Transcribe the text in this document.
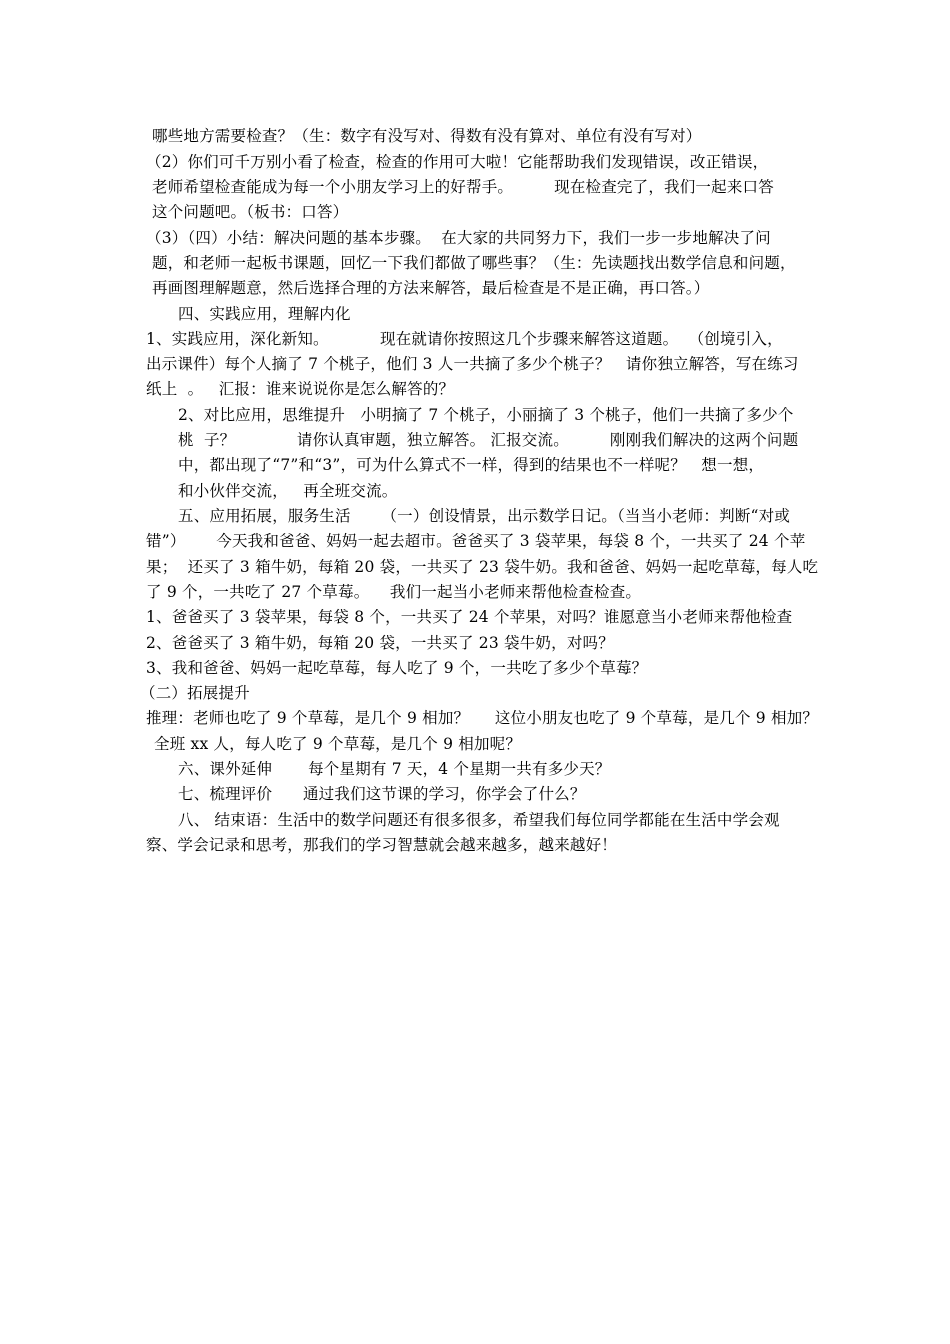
哪些地方需要检查？（生：数字有没写对、得数有没有算对、单位有没有写对）
（2）你们可千万别小看了检查，检查的作用可大啦！它能帮助我们发现错误，改正错误，
老师希望检查能成为每一个小朋友学习上的好帮手。        现在检查完了，我们一起来口答
这个问题吧。（板书：口答）
（3）（四）小结：解决问题的基本步骤。  在大家的共同努力下，我们一步一步地解决了问
题，和老师一起板书课题，回忆一下我们都做了哪些事？（生：先读题找出数学信息和问题，
再画图理解题意，然后选择合理的方法来解答，最后检查是不是正确，再口答。）
四、实践应用，理解内化
1、实践应用，深化新知。          现在就请你按照这几个步骤来解答这道题。  （创境引入，
出示课件）每个人摘了 7 个桃子，他们 3 人一共摘了多少个桃子？   请你独立解答，写在练习
纸上  。   汇报：谁来说说你是怎么解答的？
2、对比应用，思维提升   小明摘了 7 个桃子，小丽摘了 3 个桃子，他们一共摘了多少个
桃  子？            请你认真审题，独立解答。 汇报交流。        刚刚我们解决的这两个问题
中，都出现了“7”和“3”，可为什么算式不一样，得到的结果也不一样呢？   想一想，
和小伙伴交流，   再全班交流。
五、应用拓展，服务生活      （一）创设情景，出示数学日记。（当当小老师：判断“对或
错”）      今天我和爸爸、妈妈一起去超市。爸爸买了 3 袋苹果，每袋 8 个，一共买了 24 个苹
果；  还买了 3 箱牛奶，每箱 20 袋，一共买了 23 袋牛奶。我和爸爸、妈妈一起吃草莓，每人吃
了 9 个，一共吃了 27 个草莓。    我们一起当小老师来帮他检查检查。
1、爸爸买了 3 袋苹果，每袋 8 个，一共买了 24 个苹果，对吗？谁愿意当小老师来帮他检查
2、爸爸买了 3 箱牛奶，每箱 20 袋，一共买了 23 袋牛奶，对吗？
3、我和爸爸、妈妈一起吃草莓，每人吃了 9 个，一共吃了多少个草莓？
（二）拓展提升
推理：老师也吃了 9 个草莓，是几个 9 相加？     这位小朋友也吃了 9 个草莓，是几个 9 相加？
全班 xx 人，每人吃了 9 个草莓，是几个 9 相加呢？
六、课外延伸       每个星期有 7 天，4 个星期一共有多少天？
七、梳理评价      通过我们这节课的学习，你学会了什么？
八、 结束语：生活中的数学问题还有很多很多，希望我们每位同学都能在生活中学会观
察、学会记录和思考，那我们的学习智慧就会越来越多，越来越好！
